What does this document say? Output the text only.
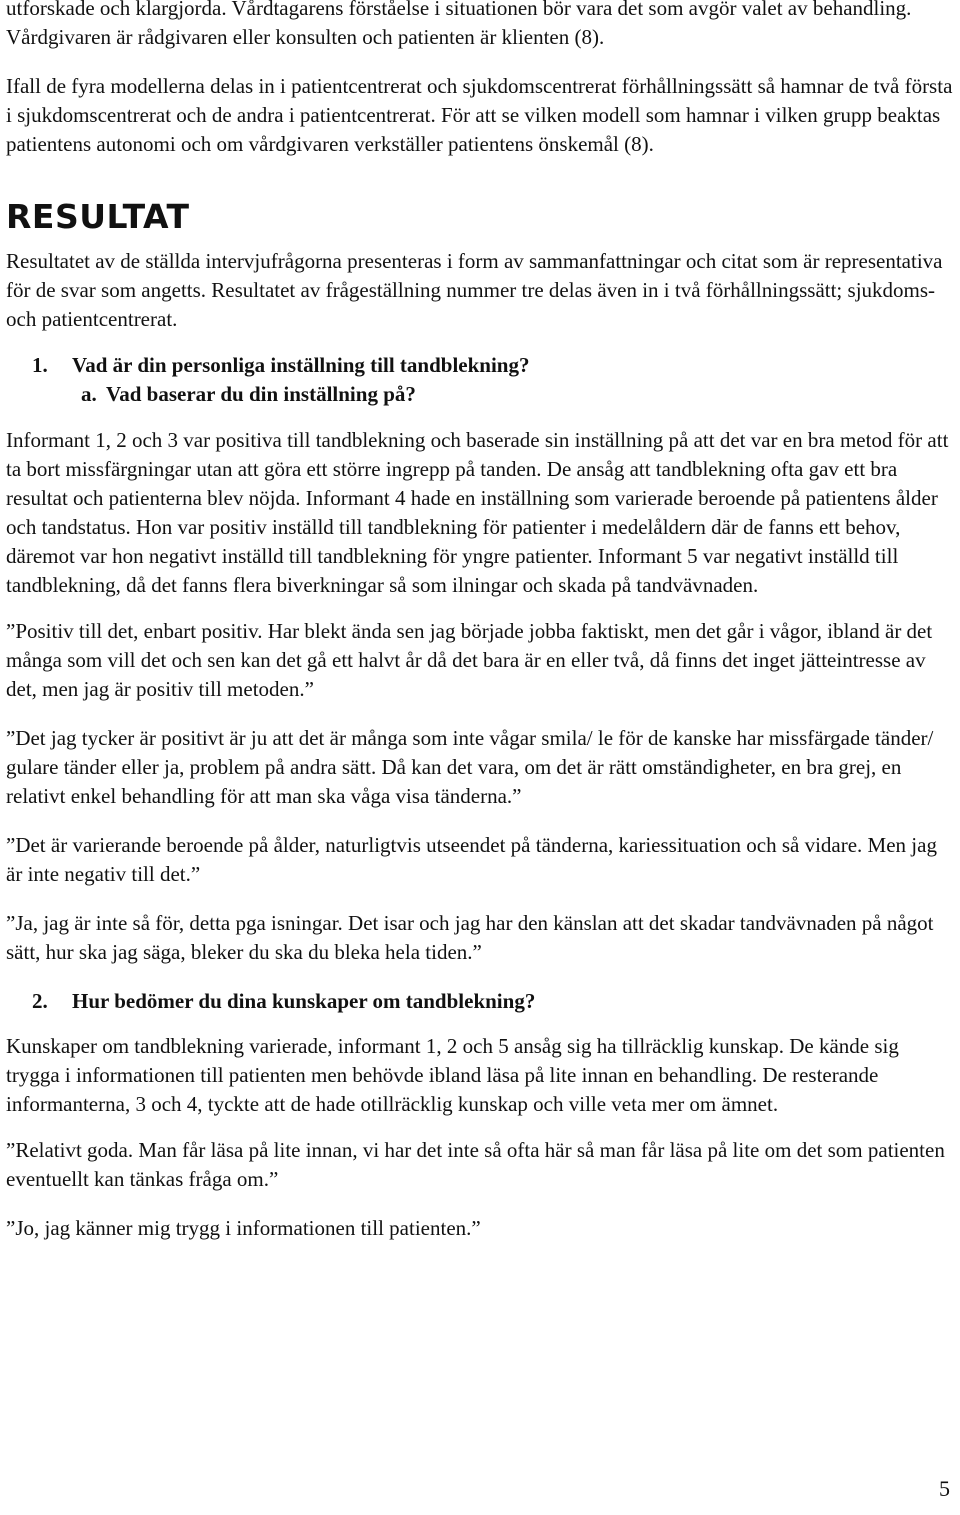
utforskade och klargjorda. Vårdtagarens förståelse i situationen bör vara det som avgör valet av behandling. Vårdgivaren är rådgivaren eller konsulten och patienten är klienten (8).

Ifall de fyra modellerna delas in i patientcentrerat och sjukdomscentrerat förhållningssätt så hamnar de två första i sjukdomscentrerat och de andra i patientcentrerat. För att se vilken modell som hamnar i vilken grupp beaktas patientens autonomi och om vårdgivaren verkställer patientens önskemål (8).

RESULTAT

Resultatet av de ställda intervjufrågorna presenteras i form av sammanfattningar och citat som är representativa för de svar som angetts. Resultatet av frågeställning nummer tre delas även in i två förhållningssätt; sjukdoms- och patientcentrerat.

1. Vad är din personliga inställning till tandblekning?

a. Vad baserar du din inställning på?

Informant 1, 2 och 3 var positiva till tandblekning och baserade sin inställning på att det var en bra metod för att ta bort missfärgningar utan att göra ett större ingrepp på tanden. De ansåg att tandblekning ofta gav ett bra resultat och patienterna blev nöjda. Informant 4 hade en inställning som varierade beroende på patientens ålder och tandstatus. Hon var positiv inställd till tandblekning för patienter i medelåldern där de fanns ett behov, däremot var hon negativt inställd till tandblekning för yngre patienter. Informant 5 var negativt inställd till tandblekning, då det fanns flera biverkningar så som ilningar och skada på tandvävnaden.

”Positiv till det, enbart positiv. Har blekt ända sen jag började jobba faktiskt, men det går i vågor, ibland är det många som vill det och sen kan det gå ett halvt år då det bara är en eller två, då finns det inget jätteintresse av det, men jag är positiv till metoden.”

”Det jag tycker är positivt är ju att det är många som inte vågar smila/ le för de kanske har missfärgade tänder/ gulare tänder eller ja, problem på andra sätt. Då kan det vara, om det är rätt omständigheter, en bra grej, en relativt enkel behandling för att man ska våga visa tänderna.”

”Det är varierande beroende på ålder, naturligtvis utseendet på tänderna, kariessituation och så vidare. Men jag är inte negativ till det.”

”Ja, jag är inte så för, detta pga isningar. Det isar och jag har den känslan att det skadar tandvävnaden på något sätt, hur ska jag säga, bleker du ska du bleka hela tiden.”

2. Hur bedömer du dina kunskaper om tandblekning?

Kunskaper om tandblekning varierade, informant 1, 2 och 5 ansåg sig ha tillräcklig kunskap. De kände sig trygga i informationen till patienten men behövde ibland läsa på lite innan en behandling. De resterande informanterna, 3 och 4, tyckte att de hade otillräcklig kunskap och ville veta mer om ämnet.

”Relativt goda. Man får läsa på lite innan, vi har det inte så ofta här så man får läsa på lite om det som patienten eventuellt kan tänkas fråga om.”

”Jo, jag känner mig trygg i informationen till patienten.”

5
